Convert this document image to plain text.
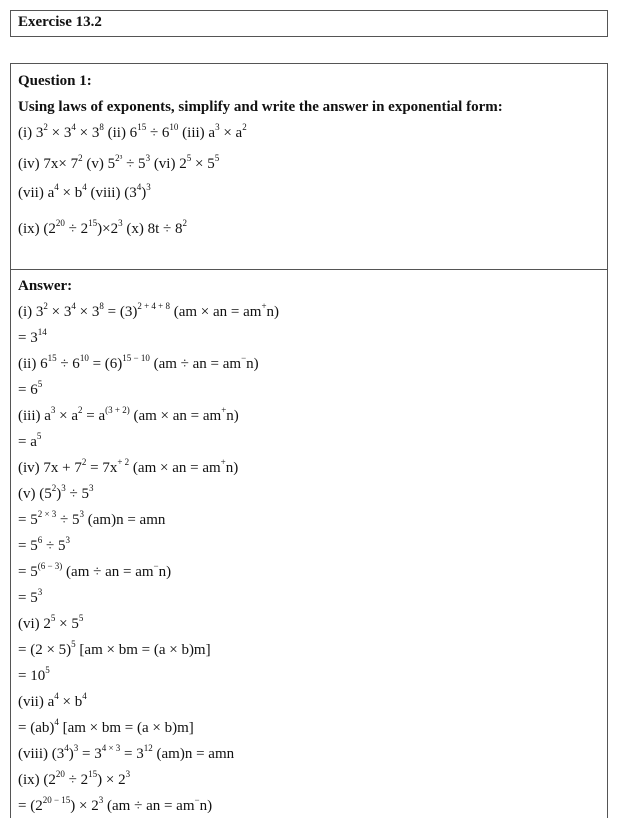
Exercise 13.2
Question 1:
Using laws of exponents, simplify and write the answer in exponential form:
(i) $3^2 \times 3^4 \times 3^8$ (ii) $6^{15} \div 6^{10}$ (iii) $a^3 \times a^2$
(iv) $7x\times 7^2$ (v) $5^{2^3} \div 5^3$ (vi) $2^5 \times 5^5$
(vii) $a^4 \times b^4$ (viii) $(3^4)^3$
(ix) $(2^{20} \div 2^{15})\times 2^3$ (x) $8t \div 8^2$
Answer:
(i) $3^2 \times 3^4 \times 3^8 = (3)^{2 + 4 + 8}$ (am × an = am+n)
= $3^{14}$
(ii) $6^{15} \div 6^{10} = (6)^{15 - 10}$ (am ÷ an = am−n)
= $6^5$
(iii) $a^3 \times a^2 = a^{(3 + 2)}$ (am × an = am+n)
= $a^5$
(iv) $7x + 7^2 = 7x^{+ 2}$ (am × an = am+n)
(v) $(5^2)^3 \div 5^3$
= $5^{2 \times 3} \div 5^3$ (am)n = amn
= $5^6 \div 5^3$
= $5^{(6 - 3)}$ (am ÷ an = am−n)
= $5^3$
(vi) $2^5 \times 5^5$
= $(2 \times 5)^5$ [am × bm = (a × b)m]
= $10^5$
(vii) $a^4 \times b^4$
= (ab)$^4$ [am × bm = (a × b)m]
(viii) $(3^4)^3 = 3^{4 \times 3} = 3^{12}$ (am)n = amn
(ix) $(2^{20} \div 2^{15}) \times 2^3$
= $(2^{20 - 15}) \times 2^3$ (am ÷ an = am−n)
